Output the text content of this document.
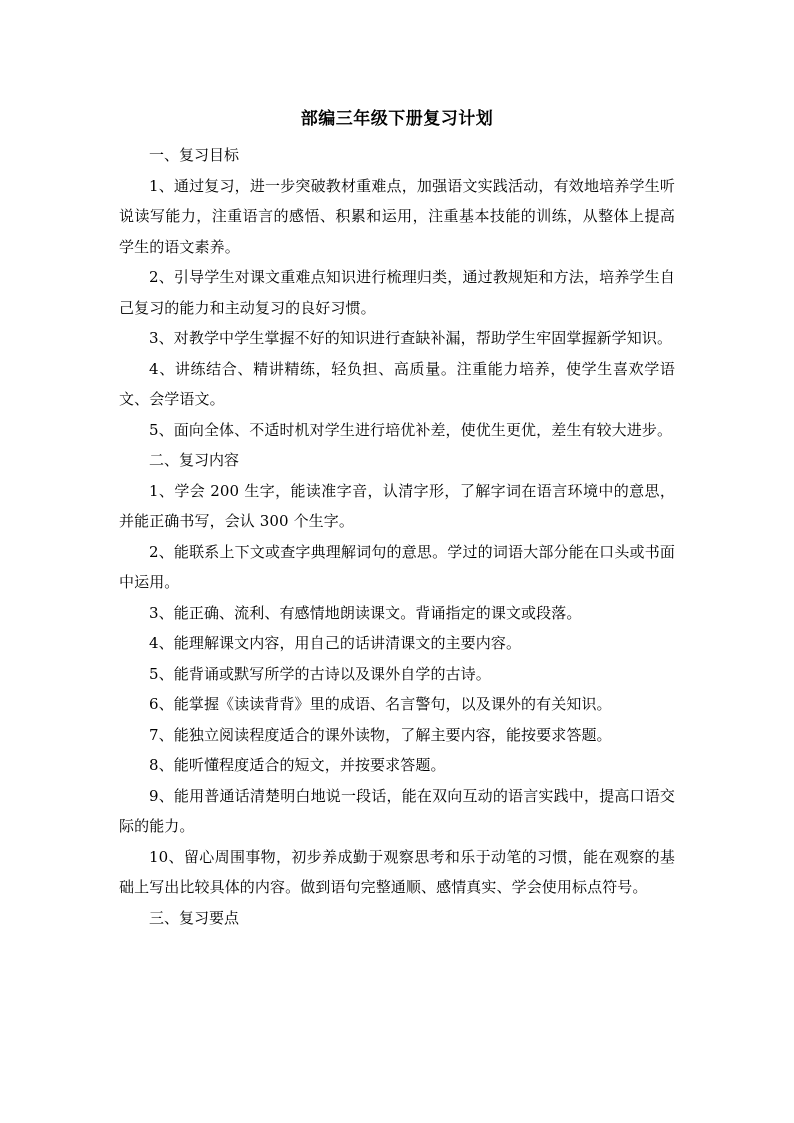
部编三年级下册复习计划

一、复习目标

1、通过复习，进一步突破教材重难点，加强语文实践活动，有效地培养学生听说读写能力，注重语言的感悟、积累和运用，注重基本技能的训练，从整体上提高学生的语文素养。

2、引导学生对课文重难点知识进行梳理归类，通过教规矩和方法，培养学生自己复习的能力和主动复习的良好习惯。

3、对教学中学生掌握不好的知识进行查缺补漏，帮助学生牢固掌握新学知识。

4、讲练结合、精讲精练，轻负担、高质量。注重能力培养，使学生喜欢学语文、会学语文。

5、面向全体、不适时机对学生进行培优补差，使优生更优，差生有较大进步。

二、复习内容

1、学会 200 生字，能读准字音，认清字形，了解字词在语言环境中的意思，并能正确书写，会认 300 个生字。

2、能联系上下文或查字典理解词句的意思。学过的词语大部分能在口头或书面中运用。

3、能正确、流利、有感情地朗读课文。背诵指定的课文或段落。

4、能理解课文内容，用自己的话讲清课文的主要内容。

5、能背诵或默写所学的古诗以及课外自学的古诗。

6、能掌握《读读背背》里的成语、名言警句，以及课外的有关知识。

7、能独立阅读程度适合的课外读物，了解主要内容，能按要求答题。

8、能听懂程度适合的短文，并按要求答题。

9、能用普通话清楚明白地说一段话，能在双向互动的语言实践中，提高口语交际的能力。

10、留心周围事物，初步养成勤于观察思考和乐于动笔的习惯，能在观察的基础上写出比较具体的内容。做到语句完整通顺、感情真实、学会使用标点符号。

三、复习要点
